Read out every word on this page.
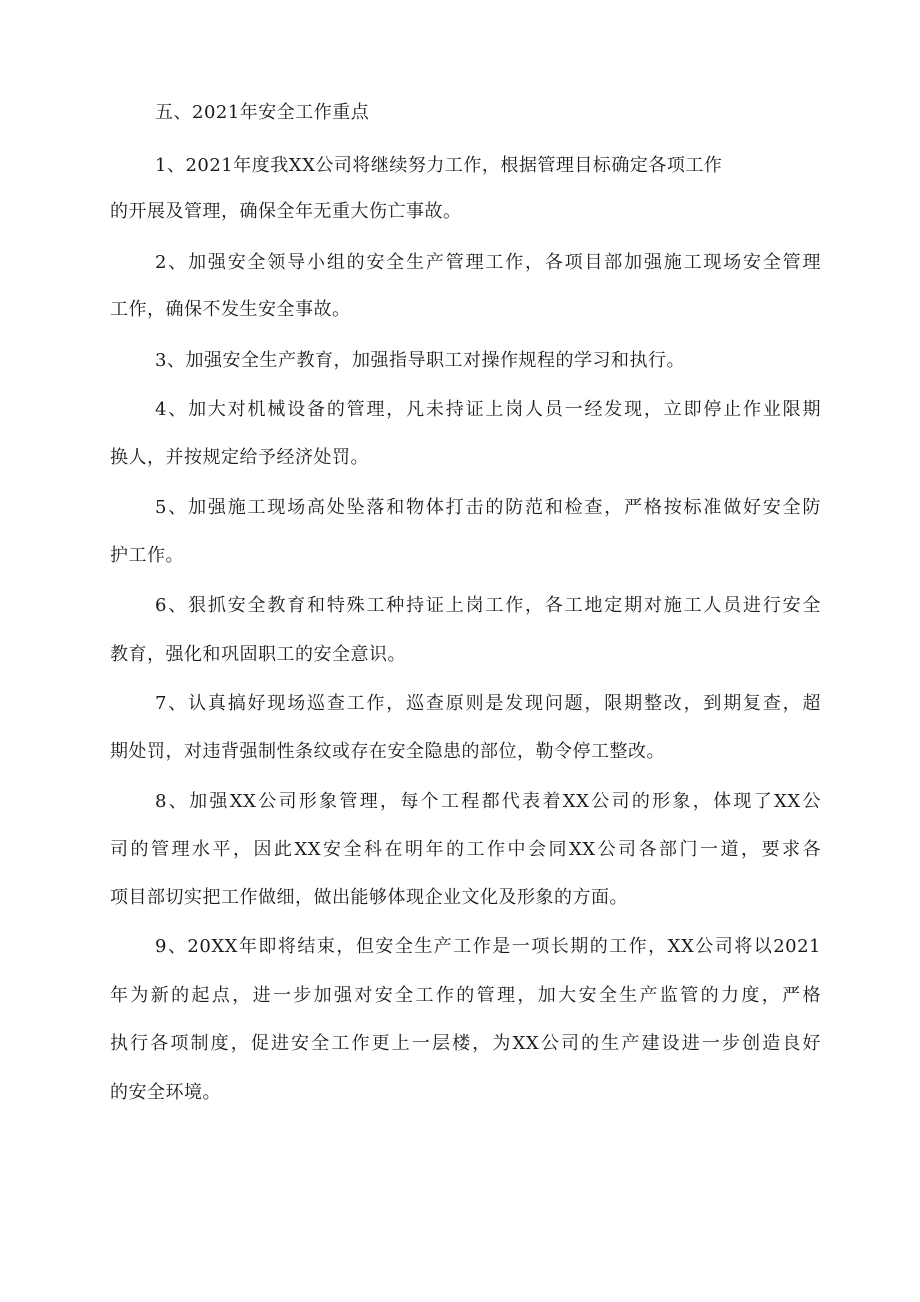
五、2021年安全工作重点
1、2021年度我XX公司将继续努力工作，根据管理目标确定各项工作
的开展及管理，确保全年无重大伤亡事故。
2、加强安全领导小组的安全生产管理工作，各项目部加强施工现场安全管理
工作，确保不发生安全事故。
3、加强安全生产教育，加强指导职工对操作规程的学习和执行。
4、加大对机械设备的管理，凡未持证上岗人员一经发现，立即停止作业限期
换人，并按规定给予经济处罚。
5、加强施工现场高处坠落和物体打击的防范和检查，严格按标准做好安全防
护工作。
6、狠抓安全教育和特殊工种持证上岗工作，各工地定期对施工人员进行安全
教育，强化和巩固职工的安全意识。
7、认真搞好现场巡查工作，巡查原则是发现问题，限期整改，到期复查，超
期处罚，对违背强制性条纹或存在安全隐患的部位，勒令停工整改。
8、加强XX公司形象管理，每个工程都代表着XX公司的形象，体现了XX公
司的管理水平，因此XX安全科在明年的工作中会同XX公司各部门一道，要求各
项目部切实把工作做细，做出能够体现企业文化及形象的方面。
9、20XX年即将结束，但安全生产工作是一项长期的工作，XX公司将以2021
年为新的起点，进一步加强对安全工作的管理，加大安全生产监管的力度，严格
执行各项制度，促进安全工作更上一层楼，为XX公司的生产建设进一步创造良好
的安全环境。
